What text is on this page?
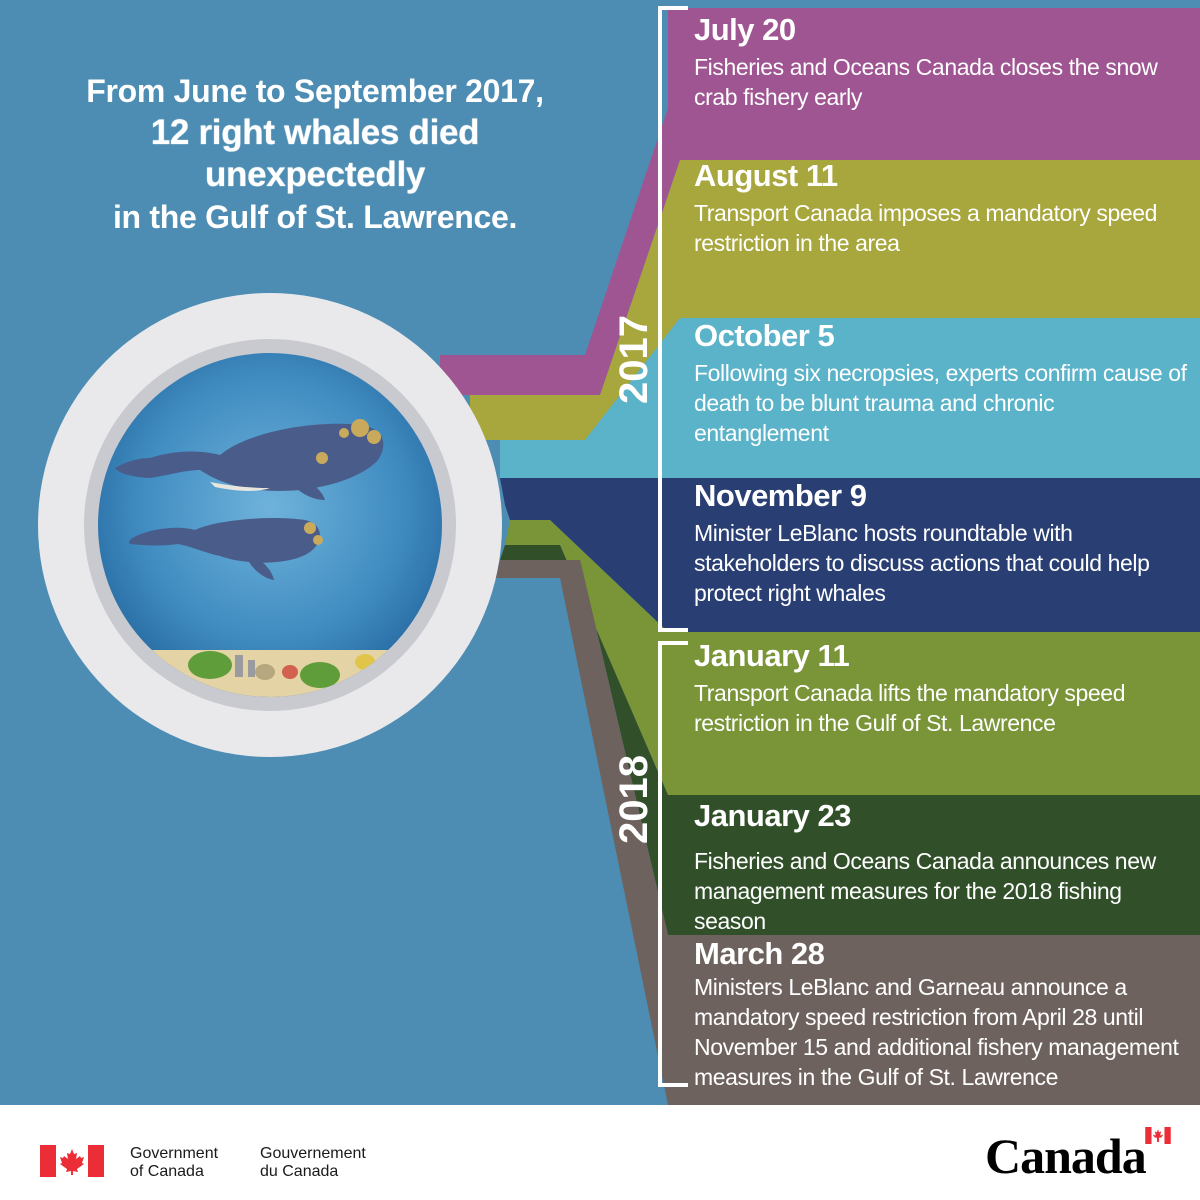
From June to September 2017,
12 right whales died unexpectedly
in the Gulf of St. Lawrence.
2017
2018
July 20
Fisheries and Oceans Canada closes the snow crab fishery early
August 11
Transport Canada imposes a mandatory speed restriction in the area
October 5
Following six necropsies, experts confirm cause of death to be blunt trauma and chronic entanglement
November 9
Minister LeBlanc hosts roundtable with stakeholders to discuss actions that could help protect right whales
January 11
Transport Canada lifts the mandatory speed restriction in the Gulf of St. Lawrence
January 23
Fisheries and Oceans Canada announces new management measures for the 2018 fishing season
March 28
Ministers LeBlanc and Garneau announce a mandatory speed restriction from April 28 until November 15 and additional fishery management measures in the Gulf of St. Lawrence
Government
of Canada
Gouvernement
du Canada	Canada
